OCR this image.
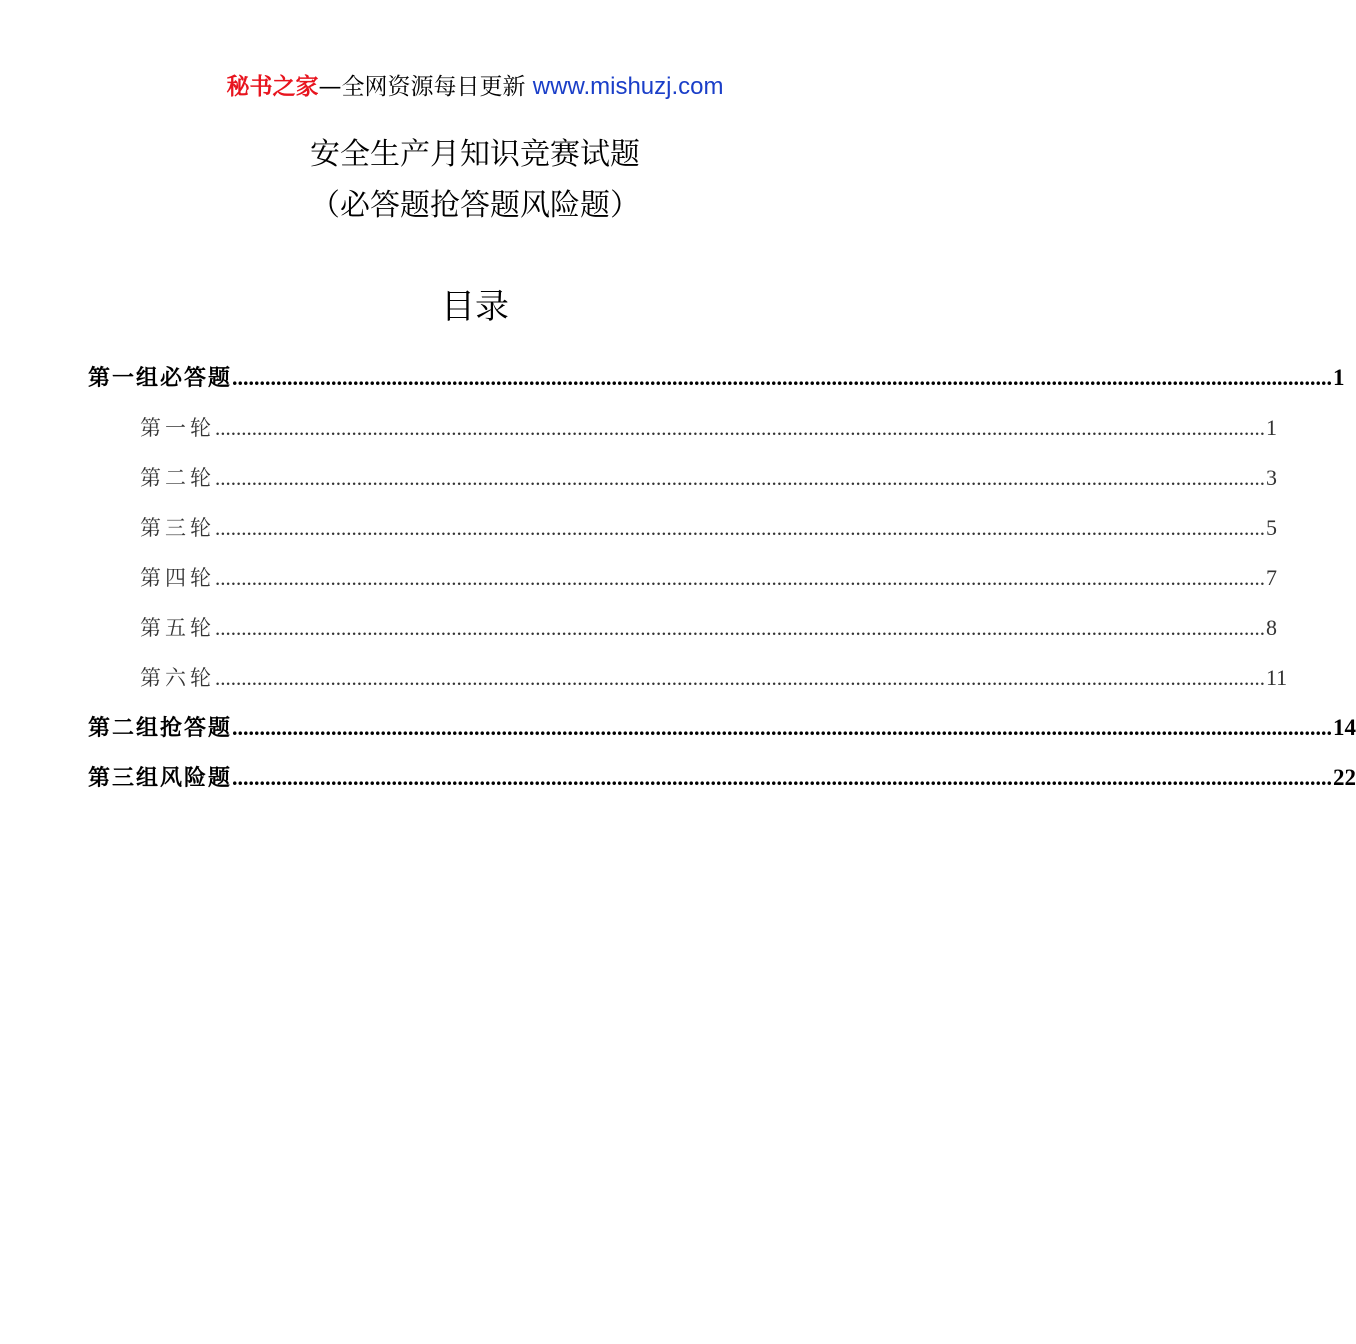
秘书之家—全网资源每日更新 www.mishuzj.com
安全生产月知识竞赛试题
（必答题抢答题风险题）
目录
第一组必答题 ........................................................................................................................................................................................................ 1
第一轮 ........................................................................................................................................................................................................ 1
第二轮 ........................................................................................................................................................................................................ 3
第三轮 ........................................................................................................................................................................................................ 5
第四轮 ........................................................................................................................................................................................................ 7
第五轮 ........................................................................................................................................................................................................ 8
第六轮 ........................................................................................................................................................................................................ 11
第二组抢答题 ........................................................................................................................................................................................................ 14
第三组风险题 ........................................................................................................................................................................................................ 22
